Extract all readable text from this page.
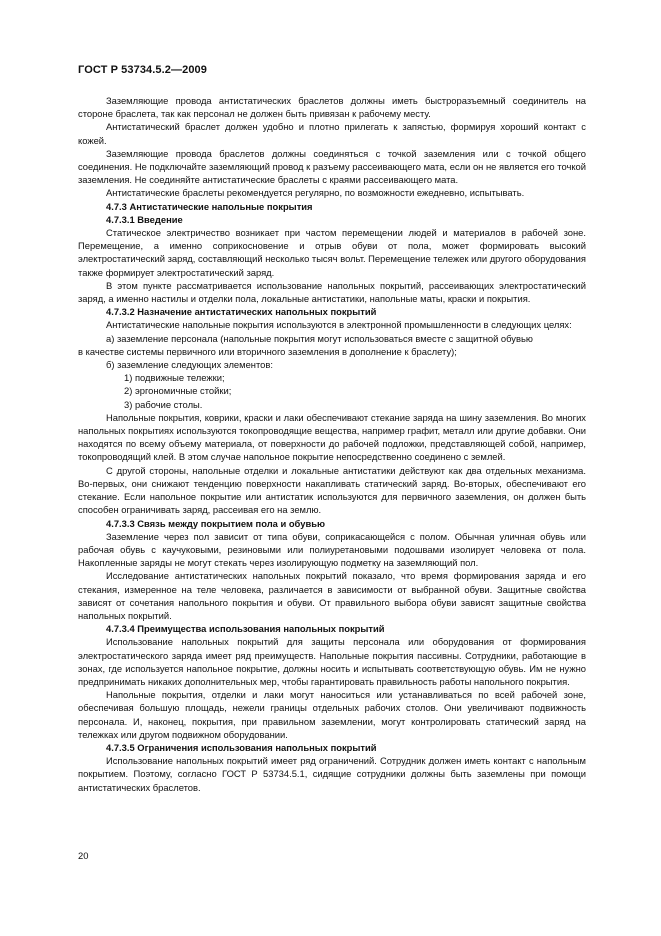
ГОСТ Р 53734.5.2—2009

Заземляющие провода антистатических браслетов должны иметь быстроразъемный соединитель на стороне браслета, так как персонал не должен быть привязан к рабочему месту.

Антистатический браслет должен удобно и плотно прилегать к запястью, формируя хороший контакт с кожей.

Заземляющие провода браслетов должны соединяться с точкой заземления или с точкой общего соединения. Не подключайте заземляющий провод к разъему рассеивающего мата, если он не является его точкой заземления. Не соединяйте антистатические браслеты с краями рассеивающего мата.

Антистатические браслеты рекомендуется регулярно, по возможности ежедневно, испытывать.

4.7.3 Антистатические напольные покрытия
4.7.3.1 Введение

Статическое электричество возникает при частом перемещении людей и материалов в рабочей зоне. Перемещение, а именно соприкосновение и отрыв обуви от пола, может формировать высокий электростатический заряд, составляющий несколько тысяч вольт. Перемещение тележек или другого оборудования также формирует электростатический заряд.

В этом пункте рассматривается использование напольных покрытий, рассеивающих электростатический заряд, а именно настилы и отделки пола, локальные антистатики, напольные маты, краски и покрытия.

4.7.3.2 Назначение антистатических напольных покрытий

Антистатические напольные покрытия используются в электронной промышленности в следующих целях:

а) заземление персонала (напольные покрытия могут использоваться вместе с защитной обувью
в качестве системы первичного или вторичного заземления в дополнение к браслету);
б) заземление следующих элементов:
1) подвижные тележки;
2) эргономичные стойки;
3) рабочие столы.

Напольные покрытия, коврики, краски и лаки обеспечивают стекание заряда на шину заземления. Во многих напольных покрытиях используются токопроводящие вещества, например графит, металл или другие добавки. Они находятся по всему объему материала, от поверхности до рабочей подложки, представляющей собой, например, токопроводящий клей. В этом случае напольное покрытие непосредственно соединено с землей.

С другой стороны, напольные отделки и локальные антистатики действуют как два отдельных механизма. Во-первых, они снижают тенденцию поверхности накапливать статический заряд. Во-вторых, обеспечивают его стекание. Если напольное покрытие или антистатик используются для первичного заземления, он должен быть способен ограничивать заряд, рассеивая его на землю.

4.7.3.3 Связь между покрытием пола и обувью

Заземление через пол зависит от типа обуви, соприкасающейся с полом. Обычная уличная обувь или рабочая обувь с каучуковыми, резиновыми или полиуретановыми подошвами изолирует человека от пола. Накопленные заряды не могут стекать через изолирующую подметку на заземляющий пол.

Исследование антистатических напольных покрытий показало, что время формирования заряда и его стекания, измеренное на теле человека, различается в зависимости от выбранной обуви. Защитные свойства зависят от сочетания напольного покрытия и обуви. От правильного выбора обуви зависят защитные свойства напольных покрытий.

4.7.3.4 Преимущества использования напольных покрытий

Использование напольных покрытий для защиты персонала или оборудования от формирования электростатического заряда имеет ряд преимуществ. Напольные покрытия пассивны. Сотрудники, работающие в зонах, где используется напольное покрытие, должны носить и испытывать соответствующую обувь. Им не нужно предпринимать никаких дополнительных мер, чтобы гарантировать правильность работы напольного покрытия.

Напольные покрытия, отделки и лаки могут наноситься или устанавливаться по всей рабочей зоне, обеспечивая большую площадь, нежели границы отдельных рабочих столов. Они увеличивают подвижность персонала. И, наконец, покрытия, при правильном заземлении, могут контролировать статический заряд на тележках или другом подвижном оборудовании.

4.7.3.5 Ограничения использования напольных покрытий

Использование напольных покрытий имеет ряд ограничений. Сотрудник должен иметь контакт с напольным покрытием. Поэтому, согласно ГОСТ Р 53734.5.1, сидящие сотрудники должны быть заземлены при помощи антистатических браслетов.

20
